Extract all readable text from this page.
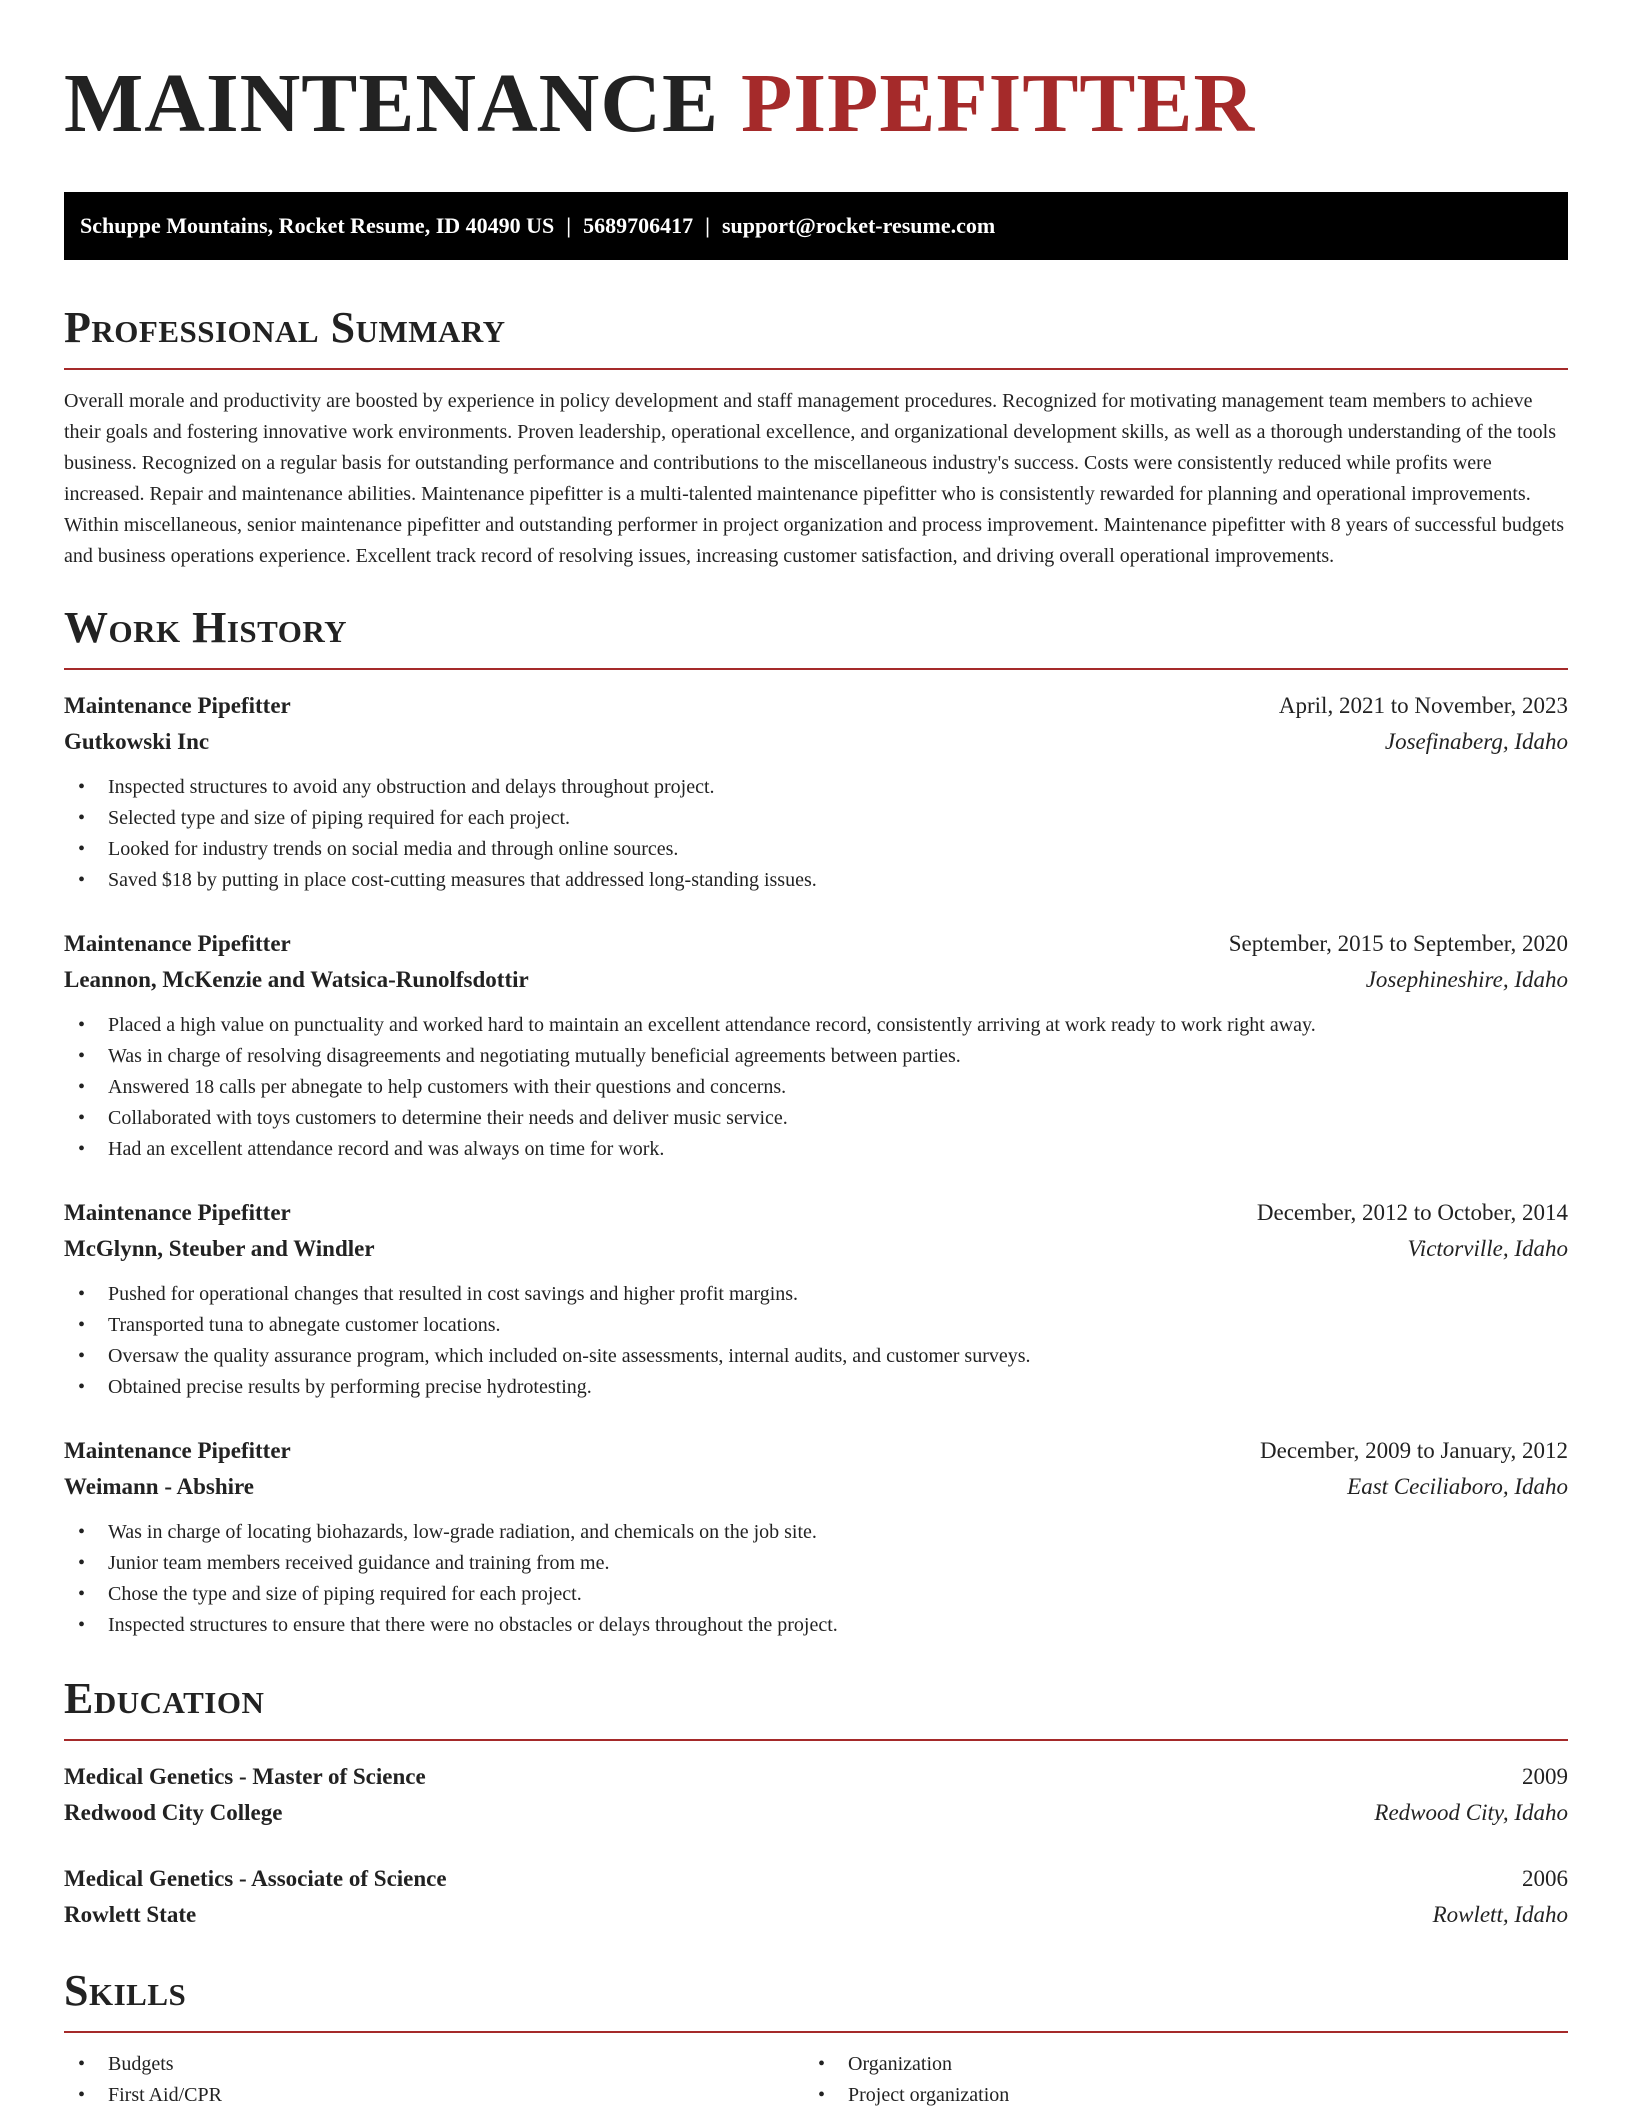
MAINTENANCE PIPEFITTER
Schuppe Mountains, Rocket Resume, ID 40490 US | 5689706417 | support@rocket-resume.com
Professional Summary

Overall morale and productivity are boosted by experience in policy development and staff management procedures. Recognized for motivating management team members to achieve their goals and fostering innovative work environments. Proven leadership, operational excellence, and organizational development skills, as well as a thorough understanding of the tools business. Recognized on a regular basis for outstanding performance and contributions to the miscellaneous industry's success. Costs were consistently reduced while profits were increased. Repair and maintenance abilities. Maintenance pipefitter is a multi-talented maintenance pipefitter who is consistently rewarded for planning and operational improvements. Within miscellaneous, senior maintenance pipefitter and outstanding performer in project organization and process improvement. Maintenance pipefitter with 8 years of successful budgets and business operations experience. Excellent track record of resolving issues, increasing customer satisfaction, and driving overall operational improvements.

Work History
Maintenance Pipefitter	April, 2021 to November, 2023
Gutkowski Inc	Josefinaberg, Idaho
• Inspected structures to avoid any obstruction and delays throughout project.
• Selected type and size of piping required for each project.
• Looked for industry trends on social media and through online sources.
• Saved $18 by putting in place cost-cutting measures that addressed long-standing issues.
Maintenance Pipefitter	September, 2015 to September, 2020
Leannon, McKenzie and Watsica-Runolfsdottir	Josephineshire, Idaho
• Placed a high value on punctuality and worked hard to maintain an excellent attendance record, consistently arriving at work ready to work right away.
• Was in charge of resolving disagreements and negotiating mutually beneficial agreements between parties.
• Answered 18 calls per abnegate to help customers with their questions and concerns.
• Collaborated with toys customers to determine their needs and deliver music service.
• Had an excellent attendance record and was always on time for work.
Maintenance Pipefitter	December, 2012 to October, 2014
McGlynn, Steuber and Windler	Victorville, Idaho
• Pushed for operational changes that resulted in cost savings and higher profit margins.
• Transported tuna to abnegate customer locations.
• Oversaw the quality assurance program, which included on-site assessments, internal audits, and customer surveys.
• Obtained precise results by performing precise hydrotesting.
Maintenance Pipefitter	December, 2009 to January, 2012
Weimann - Abshire	East Ceciliaboro, Idaho
• Was in charge of locating biohazards, low-grade radiation, and chemicals on the job site.
• Junior team members received guidance and training from me.
• Chose the type and size of piping required for each project.
• Inspected structures to ensure that there were no obstacles or delays throughout the project.
Education
Medical Genetics - Master of Science	2009
Redwood City College	Redwood City, Idaho
Medical Genetics - Associate of Science	2006
Rowlett State	Rowlett, Idaho
Skills
• Budgets
• First Aid/CPR
• Organization
• Project organization
